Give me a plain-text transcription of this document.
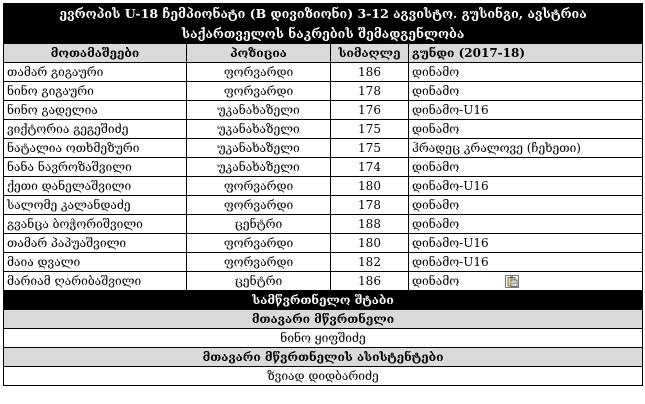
ევროპის U-18 ჩემპიონატი (B დივიზიონი) 3-12 აგვისტო. გუსინგი, ავსტრია			
საქართველოს ნაკრების შემადგენლობა			
მოთამაშეები	პოზიცია	სიმაღლე	გუნდი (2017-18)
თამარ გიგაური	ფორვარდი	186	დინამო
ნინო გიგაური	ფორვარდი	178	დინამო
ნინო გადელია	უკანახაზელი	176	დინამო-U16
ვიქტორია გეგეშიძე	უკანახაზელი	175	დინამო
ნატალია ოთხმეზური	უკანახაზელი	175	ჰრადეც კრალოვე (ჩეხეთი)
ნანა ნავროზაშვილი	უკანახაზელი	174	დინამო
ქეთი დანელაშვილი	ფორვარდი	180	დინამო-U16
სალომე კალანდაძე	ფორვარდი	178	დინამო
გვანცა ბოჭორიშვილი	ცენტრი	188	დინამო
თამარ პაპუაშვილი	ფორვარდი	180	დინამო-U16
მაია დვალი	ფორვარდი	182	დინამო-U16
მარიამ ღარიბაშვილი	ცენტრი	186	დინამო

სამწვრთნელო შტაბი			
მთავარი მწვრთნელი			
ნინო ყიფშიძე			
მთავარი მწვრთნელის ასისტენტები			
ზვიად დიდბარიძე			
